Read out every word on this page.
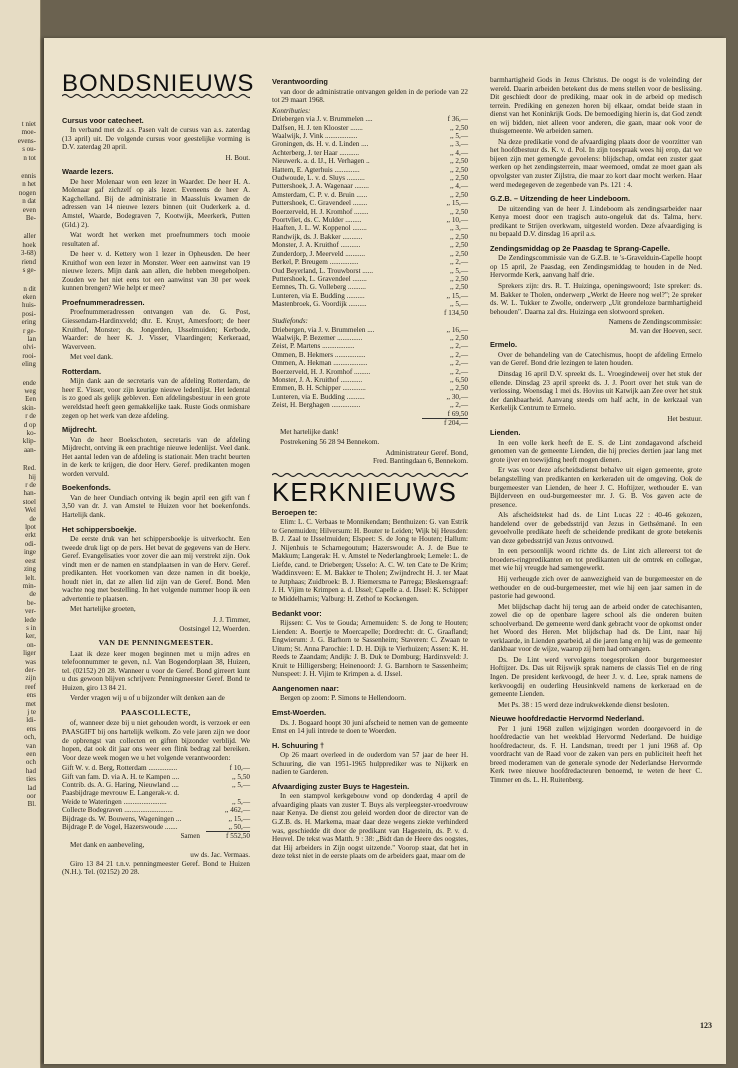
t niet
moe-
evens-
s ou-
n tot
ennis
n het
nogen
n dat
even
Be-
aller
hoek
3-68)
riend
s ge-
n dit
eken
huis-
posi-
ering
r ge-
lan
olvi-
rooi-
eling
ende
weg
Een
skin-
r de
d op
ko-
klip-
aan-
Red.
hij
r de
han-
stoel
Wel
de
lpot
erkt
odi-
inge
eest
zing
lelt.
min-
de
be-
ver-
lede
s in
ker,
on-
liger
was
der-
zijn
reef
ens
met
j te
ldi-
ens
och,
van
een
och
had
ties
lad
oor
Bl.
BONDSNIEUWS
Cursus voor catecheet.

In verband met de a.s. Pasen valt de cursus van a.s. zaterdag (13 april) uit. De volgende cursus voor geestelijke vorming is D.V. zaterdag 20 april.

H. Bout.
Waarde lezers.

De heer Molenaar won een lezer in Waarder. De heer H. A. Molenaar gaf zichzelf op als lezer. Eveneens de heer A. Kagchelland. Bij de administratie in Maassluis kwamen de adressen van 14 nieuwe lezers binnen (uit Ouderkerk a. d. Amstel, Waarde, Bodegraven 7, Kootwijk, Meerkerk, Putten (Gld.) 2).

Wat wordt het werken met proefnummers toch mooie resultaten af.

De heer v. d. Kettery won 1 lezer in Opheusden. De heer Kruithof won een lezer in Monster. Weer een aanwinst van 19 nieuwe lezers. Mijn dank aan allen, die hebben meegeholpen. Zouden we het niet eens tot een aanwinst van 30 per week kunnen brengen? Wie helpt er mee?

Proefnummeradressen.

Proefnummeradressen ontvangen van de. G. Post, Giessendam-Hardinxveld; dhr. E. Kruyt, Amersfoort; de heer Kruithof, Monster; ds. Jongerden, IJsselmuiden; Kerbode, Waarder: de heer K. J. Visser, Vlaardingen; Kerkeraad, Waverveen.

Met veel dank.

Rotterdam.

Mijn dank aan de secretaris van de afdeling Rotterdam, de heer E. Visser, voor zijn keurige nieuwe ledenlijst. Het ledental is zo goed als gelijk gebleven. Een afdelingsbestuur in een grote wereldstad heeft geen gemakkelijke taak. Ruste Gods onmisbare zegen op het werk van deze afdeling.

Mijdrecht.

Van de heer Boekschoten, secretaris van de afdeling Mijdrecht, ontving ik een prachtige nieuwe ledenlijst. Veel dank. Het aantal leden van de afdeling is stationair. Men tracht beurten in de kerk te krijgen, die door Herv. Geref. predikanten mogen worden vervuld.

Boekenfonds.

Van de heer Oundiach ontving ik begin april een gift van f 3,50 van dr. J. van Amstel te Huizen voor het boekenfonds. Hartelijk dank.

Het schippersboekje.

De eerste druk van het schippersboekje is uitverkocht. Een tweede druk ligt op de pers. Het bevat de gegevens van de Herv. Geref. Evangelisaties voor zover die aan mij verstrekt zijn. Ook vindt men er de namen en standplaatsen in van de Herv. Geref. predikanten. Het voorkomen van deze namen in dit boekje, houdt niet in, dat ze allen lid zijn van de Geref. Bond. Men wachte nog met bestelling. In het volgende nummer hoop ik een advertentie te plaatsen.

Met hartelijke groeten,

J. J. Timmer,
Oostsingel 12, Woerden.
VAN DE PENNINGMEESTER.

Laat ik deze keer mogen beginnen met u mijn adres en telefoonnummer te geven, n.l. Van Bogendorplaan 38, Huizen, tel. (02152) 20 28. Wanneer u voor de Geref. Bond girreert kunt u dus gewoon blijven schrijven: Penningmeester Geref. Bond te Huizen, giro 13 84 21.

Verder vragen wij u of u bijzonder wilt denken aan de

PAASCOLLECTE,

of, wanneer deze bij u niet gehouden wordt, is verzoek er een PAASGIFT bij ons hartelijk welkom. Zo vele jaren zijn we door de opbrengst van collecten en giften bijzonder verblijd. We hopen, dat ook dit jaar ons weer een flink bedrag zal bereiken. Voor deze week mogen we u het volgende verantwoorden:

Gift W. v. d. Berg, Rotterdam ................	f 10,—
Gift van fam. D. via A. H. te Kampen ....	,, 5,50
Contrib. ds. A. G. Haring, Nieuwland ....	,, 5,—
Paasbijdrage mevrouw E. Langerak-v. d.	
Weide te Wateringen ........................	,, 5,—
Collecte Bodegraven ...........................	,, 462,—
Bijdrage ds. W. Bouwens, Wageningen ...	,, 15,—
Bijdrage P. de Vogel, Hazerswoude .......	,, 50,—
Samen	f 552,50

Met dank en aanbeveling,

uw ds. Jac. Vermaas.

Giro 13 84 21 t.n.v. penningmeester Geref. Bond te Huizen (N.H.). Tel. (02152) 20 28.

Verantwoording

van door de administratie ontvangen gelden in de periode van 22 tot 29 maart 1968.

Kontributies:
Driebergen via J. v. Brummelen ....	f 36,—
Dalfsen, H. J. ten Klooster .......	,, 2,50
Waalwijk, J. Vink ..................	,, 5,—
Groningen, ds. H. v. d. Linden ....	,, 3,—
Achterberg, J. ter Haar ...........	,, 4,—
Nieuwerk. a. d. IJ., H. Verhagen ..	,, 2,50
Hattem, E. Agterhuis ..............	,, 2,50
Oudwoude, L. v. d. Sluys ..........	,, 2,50
Puttershoek, J. A. Wagenaar ........	,, 4,—
Amsterdam, C. P. v. d. Bruin ......	,, 2,50
Puttershoek, C. Gravendeel ........	,, 15,—
Boerzerveld, H. J. Kromhof ........	,, 2,50
Poortvliet, ds. C. Mulder .........	,, 10,—
Haaften, J. L. W. Koppenol ........	,, 3,—
Randwijk, ds. J. Bakker ...........	,, 2,50
Monster, J. A. Kruithof ...........	,, 2,50
Zunderdorp, J. Meerveld ...........	,, 2,50
Berkel, P. Breugem ................	,, 2,—
Oud Beyerland, L. Trouwborst ......	,, 5,—
Puttershoek, L. Gravendeel ........	,, 2,50
Eemnes, Th. G. Volleberg ..........	,, 2,50
Lunteren, via E. Budding ..........	,, 15,—
Mastenbroek, G. Voordijk ..........	,, 5,—
f 134,50
Studiefonds:
Driebergen, via J. v. Brummelen ....	,, 16,—
Waalwijk, P. Bezemer ..............	,, 2,50
Zeist, P. Martens ..................	,, 2,—
Ommen, B. Hekmers .................	,, 2,—
Ommen, A. Hekman ...................	,, 2,—
Boerzerveld, H. J. Kromhof .........	,, 2,—
Monster, J. A. Kruithof ............	,, 6,50
Emmen, B. H. Schipper .............	,, 2,50
Lunteren, via E. Budding ..........	,, 30,—
Zeist, H. Berghagen ................	,, 2,—
f 69,50
f 204,—

Met hartelijke dank!

Postrekening 56 28 94 Bennekom.

Administrateur Geref. Bond,
Fred. Bantingdaan 6, Bennekom.
KERKNIEUWS
Beroepen te:

Elim: L. C. Verbaas te Monnikendam; Benthuizen: G. van Estrik te Genemuiden; Hilversum: H. Bouter te Leiden; Wijk bij Heusden: B. J. Zaal te IJsselmuiden; Elspeet: S. de Jong te Houten; Hallum: J. Nijenhuis te Scharnegoutum; Hazerswoude: A. J. de Bue te Makkum; Langerak: H. v. Amstel te Nederlangbroek; Lemele: L. de Liefde, cand. te Driebergen; Usselo: A. C. W. ten Cate te De Krim; Waddinxveen: E. M. Bakker te Tholen; Zwijndrecht H. J. ter Maat te Jutphaas; Zuidbroek: B. J. Riemersma te Parrega; Bleskensgraaf: J. H. Vijim te Krimpen a. d. IJssel; Capelle a. d. IJssel: K. Schipper te Middelharnis; Valburg: H. Zethof te Kockengen.

Bedankt voor:

Rijssen: C. Vos te Gouda; Arnemuiden: S. de Jong te Houten; Lienden: A. Boertje te Moercapelle; Dordrecht: dr. C. Graafland; Engwierum: J. G. Barhorn te Sassenheim; Staveren: C. Zwaan te Uitum; St. Anna Parochie: I. D. H. Dijk te Vierhuizen; Assen: K. H. Reeds te Zaandam; Andijk: J. B. Duk te Domburg; Hardinxveld: J. Kruit te Hilligersberg; Heinenoord: J. G. Barnhorn te Sassenheim; Nunspeet: J. H. Vijim te Krimpen a. d. IJssel.

Aangenomen naar:

Bergen op zoom: P. Simons te Hellendoorn.

Emst-Woerden.

Ds. J. Bogaard hoopt 30 juni afscheid te nemen van de gemeente Emst en 14 juli intrede te doen te Woerden.

H. Schuuring †

Op 26 maart overleed in de ouderdom van 57 jaar de heer H. Schuuring, die van 1951-1965 hulpprediker was te Nijkerk en nadien te Garderen.

Afvaardiging zuster Buys te Hagestein.

In een stampvol kerkgebouw vond op donderdag 4 april de afvaardiging plaats van zuster T. Buys als verpleegster-vroedvrouw naar Kenya. De dienst zou geleid worden door de director van de G.Z.B. ds. H. Markema, maar daar deze wegens ziekte verhinderd was, geschiedde dit door de predikant van Hagestein, ds. P. v. d. Heuvel. De tekst was Matth. 9 : 38: „Bidt dan de Heere des oogstes, dat Hij arbeiders in Zijn oogst uitzende." Voorop staat, dat het in deze tekst niet in de eerste plaats om de arbeiders gaat, maar om de

barmhartigheid Gods in Jezus Christus. De oogst is de voleinding der wereld. Daarin arbeiden betekent dus de mens stellen voor de beslissing. Dit geschiedt door de prediking, maar ook in de arbeid op medisch terrein. Prediking en genezen horen bij elkaar, omdat beide staan in dienst van het Koninkrijk Gods. De bemoediging hierin is, dat God zendt en wij bidden, niet alleen voor anderen, die gaan, maar ook voor de thuisgemeente. We arbeiden samen.

Na deze predikatie vond de afvaardiging plaats door de voorzitter van het hoofdbestuur ds. K. v. d. Pol. In zijn toespraak wees hij erop, dat we bijeen zijn met gemengde gevoelens: blijdschap, omdat een zuster gaat werken op het zendingsterrein, maar weemoed, omdat ze moet gaan als opvolgster van zuster Zijlstra, die maar zo kort daar mocht werken. Haar werd medegegeven de zegenbede van Ps. 121 : 4.

G.Z.B. – Uitzending de heer Lindeboom.

De uitzending van de heer J. Lindeboom als zendingsarbeider naar Kenya moest door een tragisch auto-ongeluk dat ds. Talma, herv. predikant te Strijen overkwam, uitgesteld worden. Deze afvaardiging is nu bepaald D.V. dinsdag 16 april a.s.

Zendingsmiddag op 2e Paasdag te Sprang-Capelle.

De Zendingscommissie van de G.Z.B. te 's-Gravelduin-Capelle hoopt op 15 april, 2e Paasdag, een Zendingsmiddag te houden in de Ned. Hervormde Kerk, aanvang half drie.

Sprekers zijn: drs. R. T. Huizinga, openingswoord; 1ste spreker: ds. M. Bakker te Tholen, onderwerp „Werkt de Heere nog wel?"; 2e spreker ds. W. L. Tukker te Zwolle, onderwerp „Uit grondeloze barmhartigheid behouden". Daarna zal drs. Huizinga een slotwoord spreken.

Namens de Zendingscommissie:
M. van der Hoeven, secr.
Ermelo.

Over de behandeling van de Catechismus, hoopt de afdeling Ermelo van de Geref. Bond drie lezingen te laten houden.

Dinsdag 16 april D.V. spreekt ds. L. Vroegindeweij over het stuk der ellende. Dinsdag 23 april spreekt ds. J. J. Poort over het stuk van de verlossing. Woensdag 1 mei ds. Hovius uit Katwijk aan Zee over het stuk der dankbaarheid. Aanvang steeds om half acht, in de kerkzaal van Kerkelijk Centrum te Ermelo.

Het bestuur.
Lienden.

In een volle kerk heeft de E. S. de Lint zondagavond afscheid genomen van de gemeente Lienden, die hij precies dertien jaar lang met grote ijver en toewijding heeft mogen dienen.

Er was voor deze afscheidsdienst behalve uit eigen gemeente, grote belangstelling van predikanten en kerkeraden uit de omgeving. Ook de burgemeester van Lienden, de heer J. C. Hoftijzer, wethouder E. van Bijlderveen en oud-burgemeester mr. J. G. B. Vos gaven acte de presence.

Als afscheidstekst had ds. de Lint Lucas 22 : 40-46 gekozen, handelend over de gebedsstrijd van Jezus in Gethsémané. In een gevoelvolle predikate heeft de scheidende predikant de grote betekenis van deze gebedsstrijd van Jezus ontvouwd.

In een persoonlijk woord richtte ds. de Lint zich allereerst tot de broeders-ringpredikanten en tot predikanten uit de omtrek en collegae, met wie hij vreugde had samengewerkt.

Hij verheugde zich over de aanwezigheid van de burgemeester en de wethouder en de oud-burgemeester, met wie hij een jaar samen in de pastorie had gewoond.

Met blijdschap dacht hij terug aan de arbeid onder de catechisanten, zowel die op de openbare lagere school als die onderen buiten schoolverband. De gemeente werd dank gebracht voor de opkomst onder het Woord des Heren. Met blijdschap had ds. De Lint, naar hij verklaarde, in Lienden gearbeid, al die jaren lang en hij was de gemeente dankbaar voor de wijze, waarop zij hem had ontvangen.

Ds. De Lint werd vervolgens toegesproken door burgemeester Hoftijzer. Ds. Das uit Rijswijk sprak namens de classis Tiel en de ring Ingen. De president kerkvoogd, de heer J. v. d. Lee, sprak namens de kerkvoogdij en ouderling Heusinkveld namens de kerkeraad en de gemeente Lienden.

Met Ps. 38 : 15 werd deze indrukwekkende dienst besloten.

Nieuwe hoofdredactie Hervormd Nederland.

Per 1 juni 1968 zullen wijzigingen worden doorgevoerd in de hoofdredactie van het weekblad Hervormd Nederland. De huidige hoofdredacteur, ds. F. H. Landsman, treedt per 1 juni 1968 af. Op voordracht van de Raad voor de zaken van pers en publiciteit heeft het breed moderamen van de generale synode der Nederlandse Hervormde Kerk twee nieuwe hoofdredacteuren benoemd, te weten de heer C. Timmer en ds. L. H. Ruitenberg.

123
